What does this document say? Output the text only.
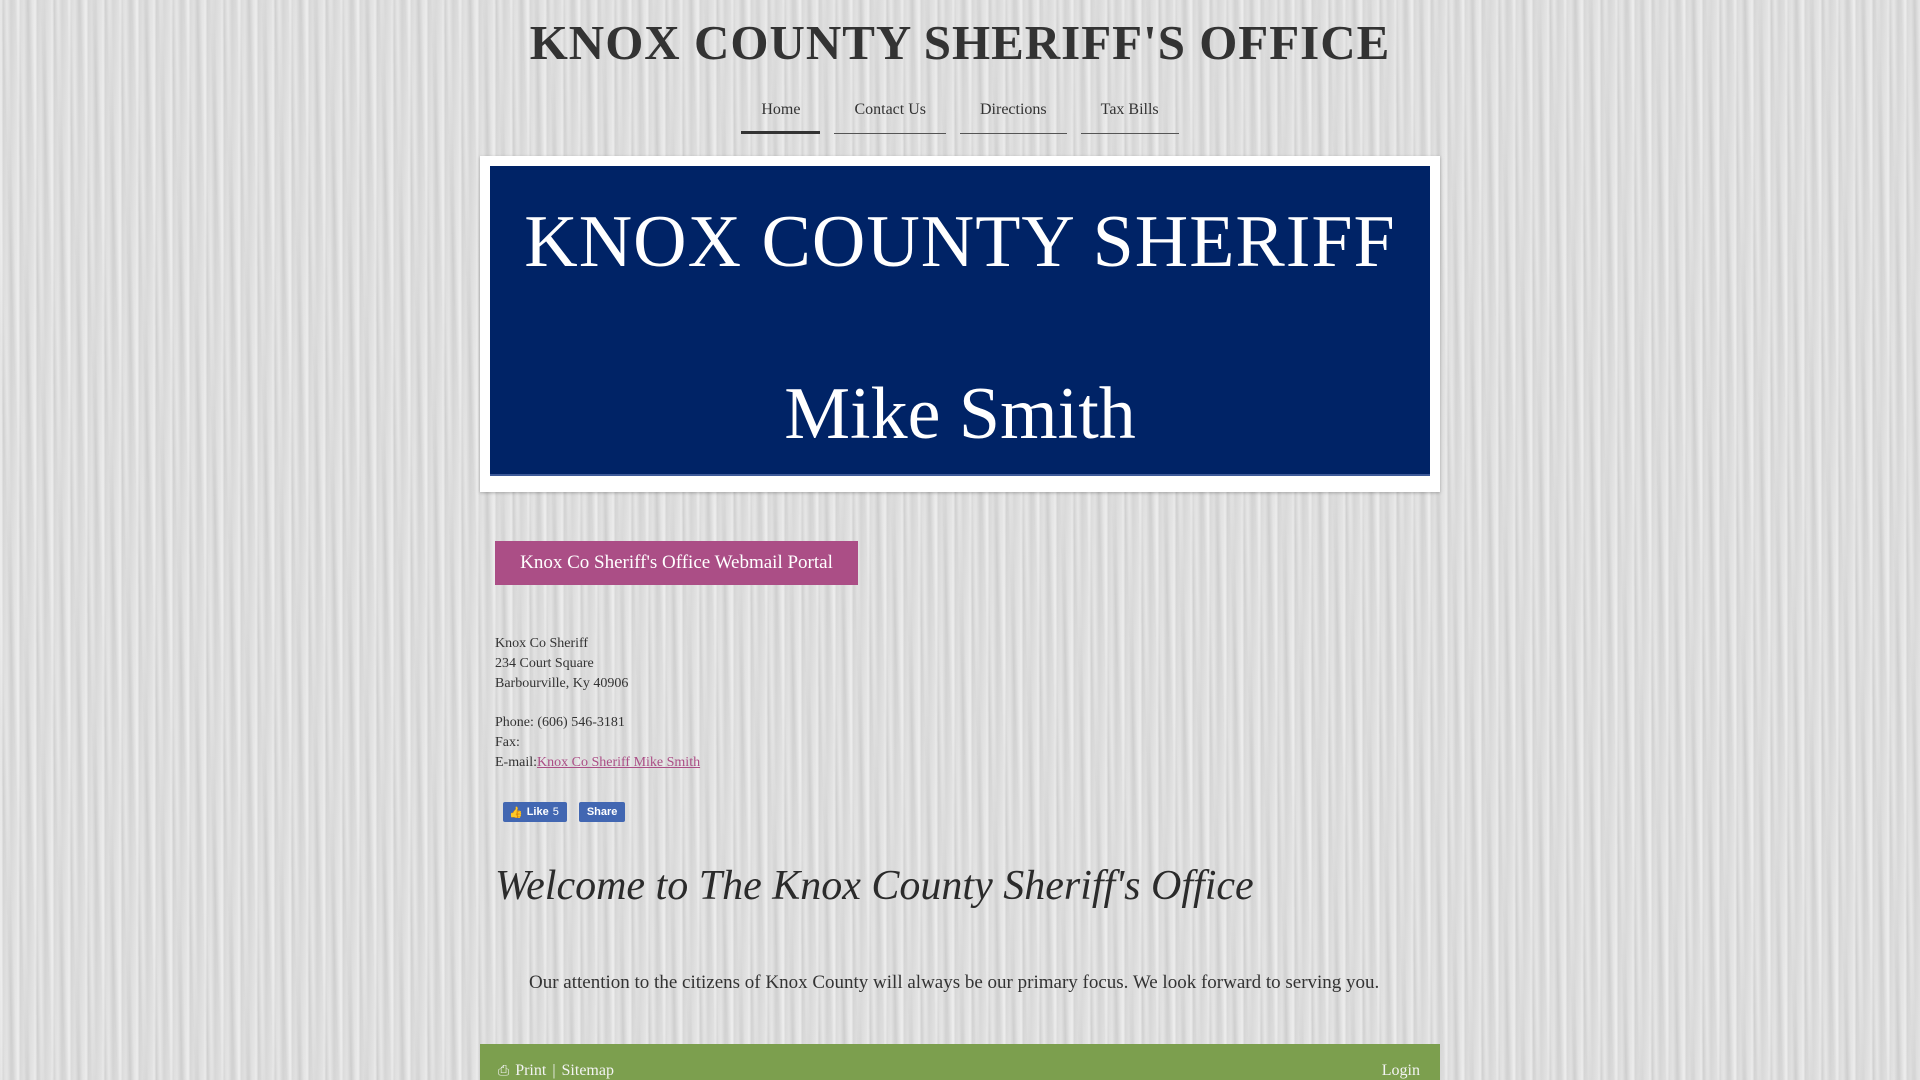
KNOX COUNTY SHERIFF'S OFFICE
Home	Contact Us	Directions	Tax Bills
KNOX COUNTY SHERIFF
Mike Smith
Knox Co Sheriff's Office Webmail Portal
Knox Co Sheriff
234 Court Square
Barbourville, Ky 40906
Phone: (606) 546-3181
Fax:
E-mail:Knox Co Sheriff Mike Smith
👍 Like 5	Share
Welcome to The Knox County Sheriff's Office
Our attention to the citizens of Knox County will always be our primary focus. We look forward to serving you.
⎙ Print | Sitemap	Login
